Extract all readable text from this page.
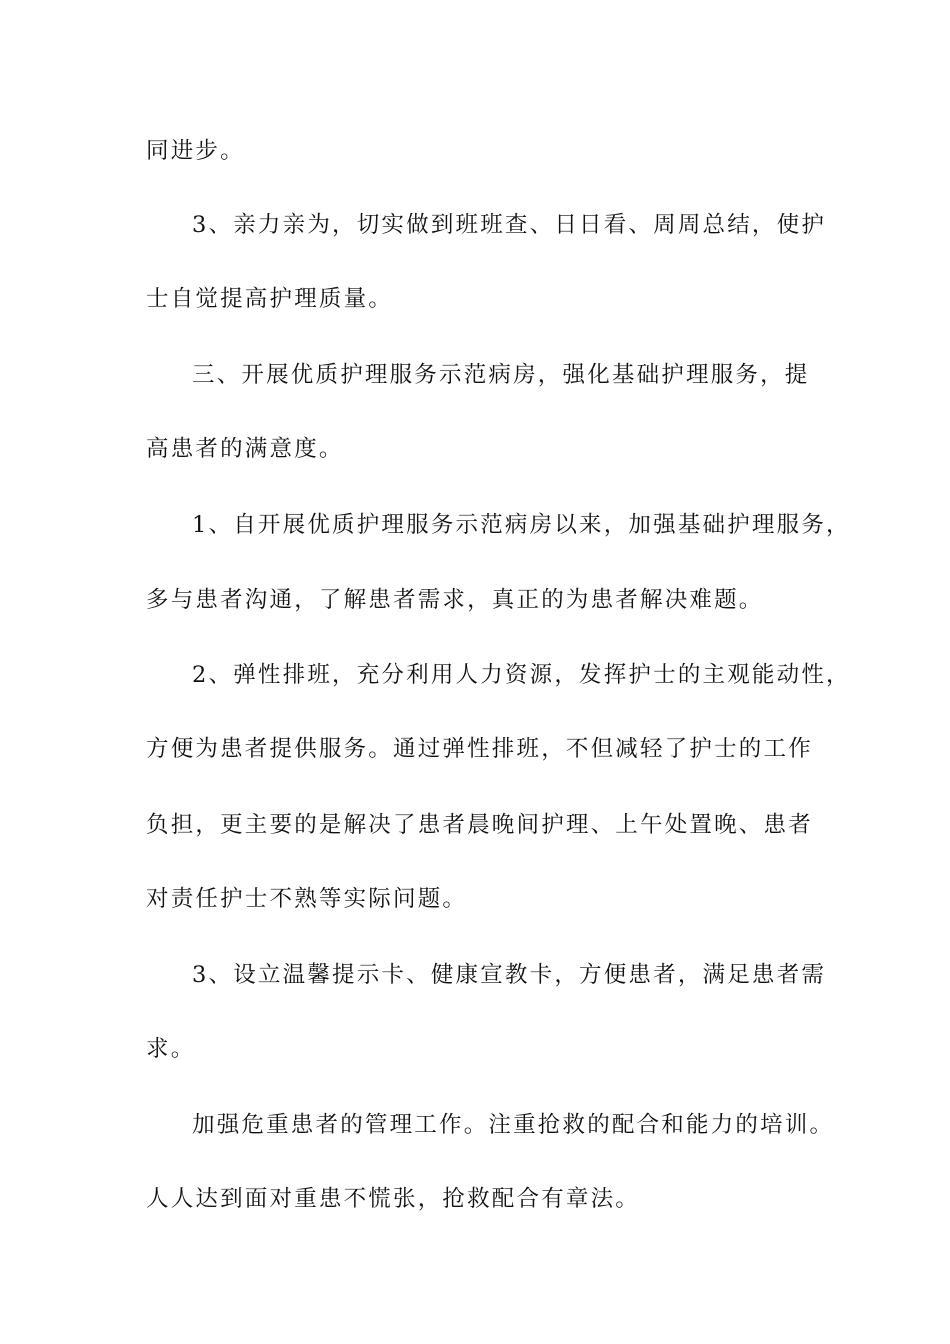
同进步。
3、亲力亲为，切实做到班班查、日日看、周周总结，使护
士自觉提高护理质量。
三、开展优质护理服务示范病房，强化基础护理服务，提
高患者的满意度。
1、自开展优质护理服务示范病房以来，加强基础护理服务，
多与患者沟通，了解患者需求，真正的为患者解决难题。
2、弹性排班，充分利用人力资源，发挥护士的主观能动性，
方便为患者提供服务。通过弹性排班，不但减轻了护士的工作
负担，更主要的是解决了患者晨晚间护理、上午处置晚、患者
对责任护士不熟等实际问题。
3、设立温馨提示卡、健康宣教卡，方便患者，满足患者需
求。
加强危重患者的管理工作。注重抢救的配合和能力的培训。
人人达到面对重患不慌张，抢救配合有章法。
